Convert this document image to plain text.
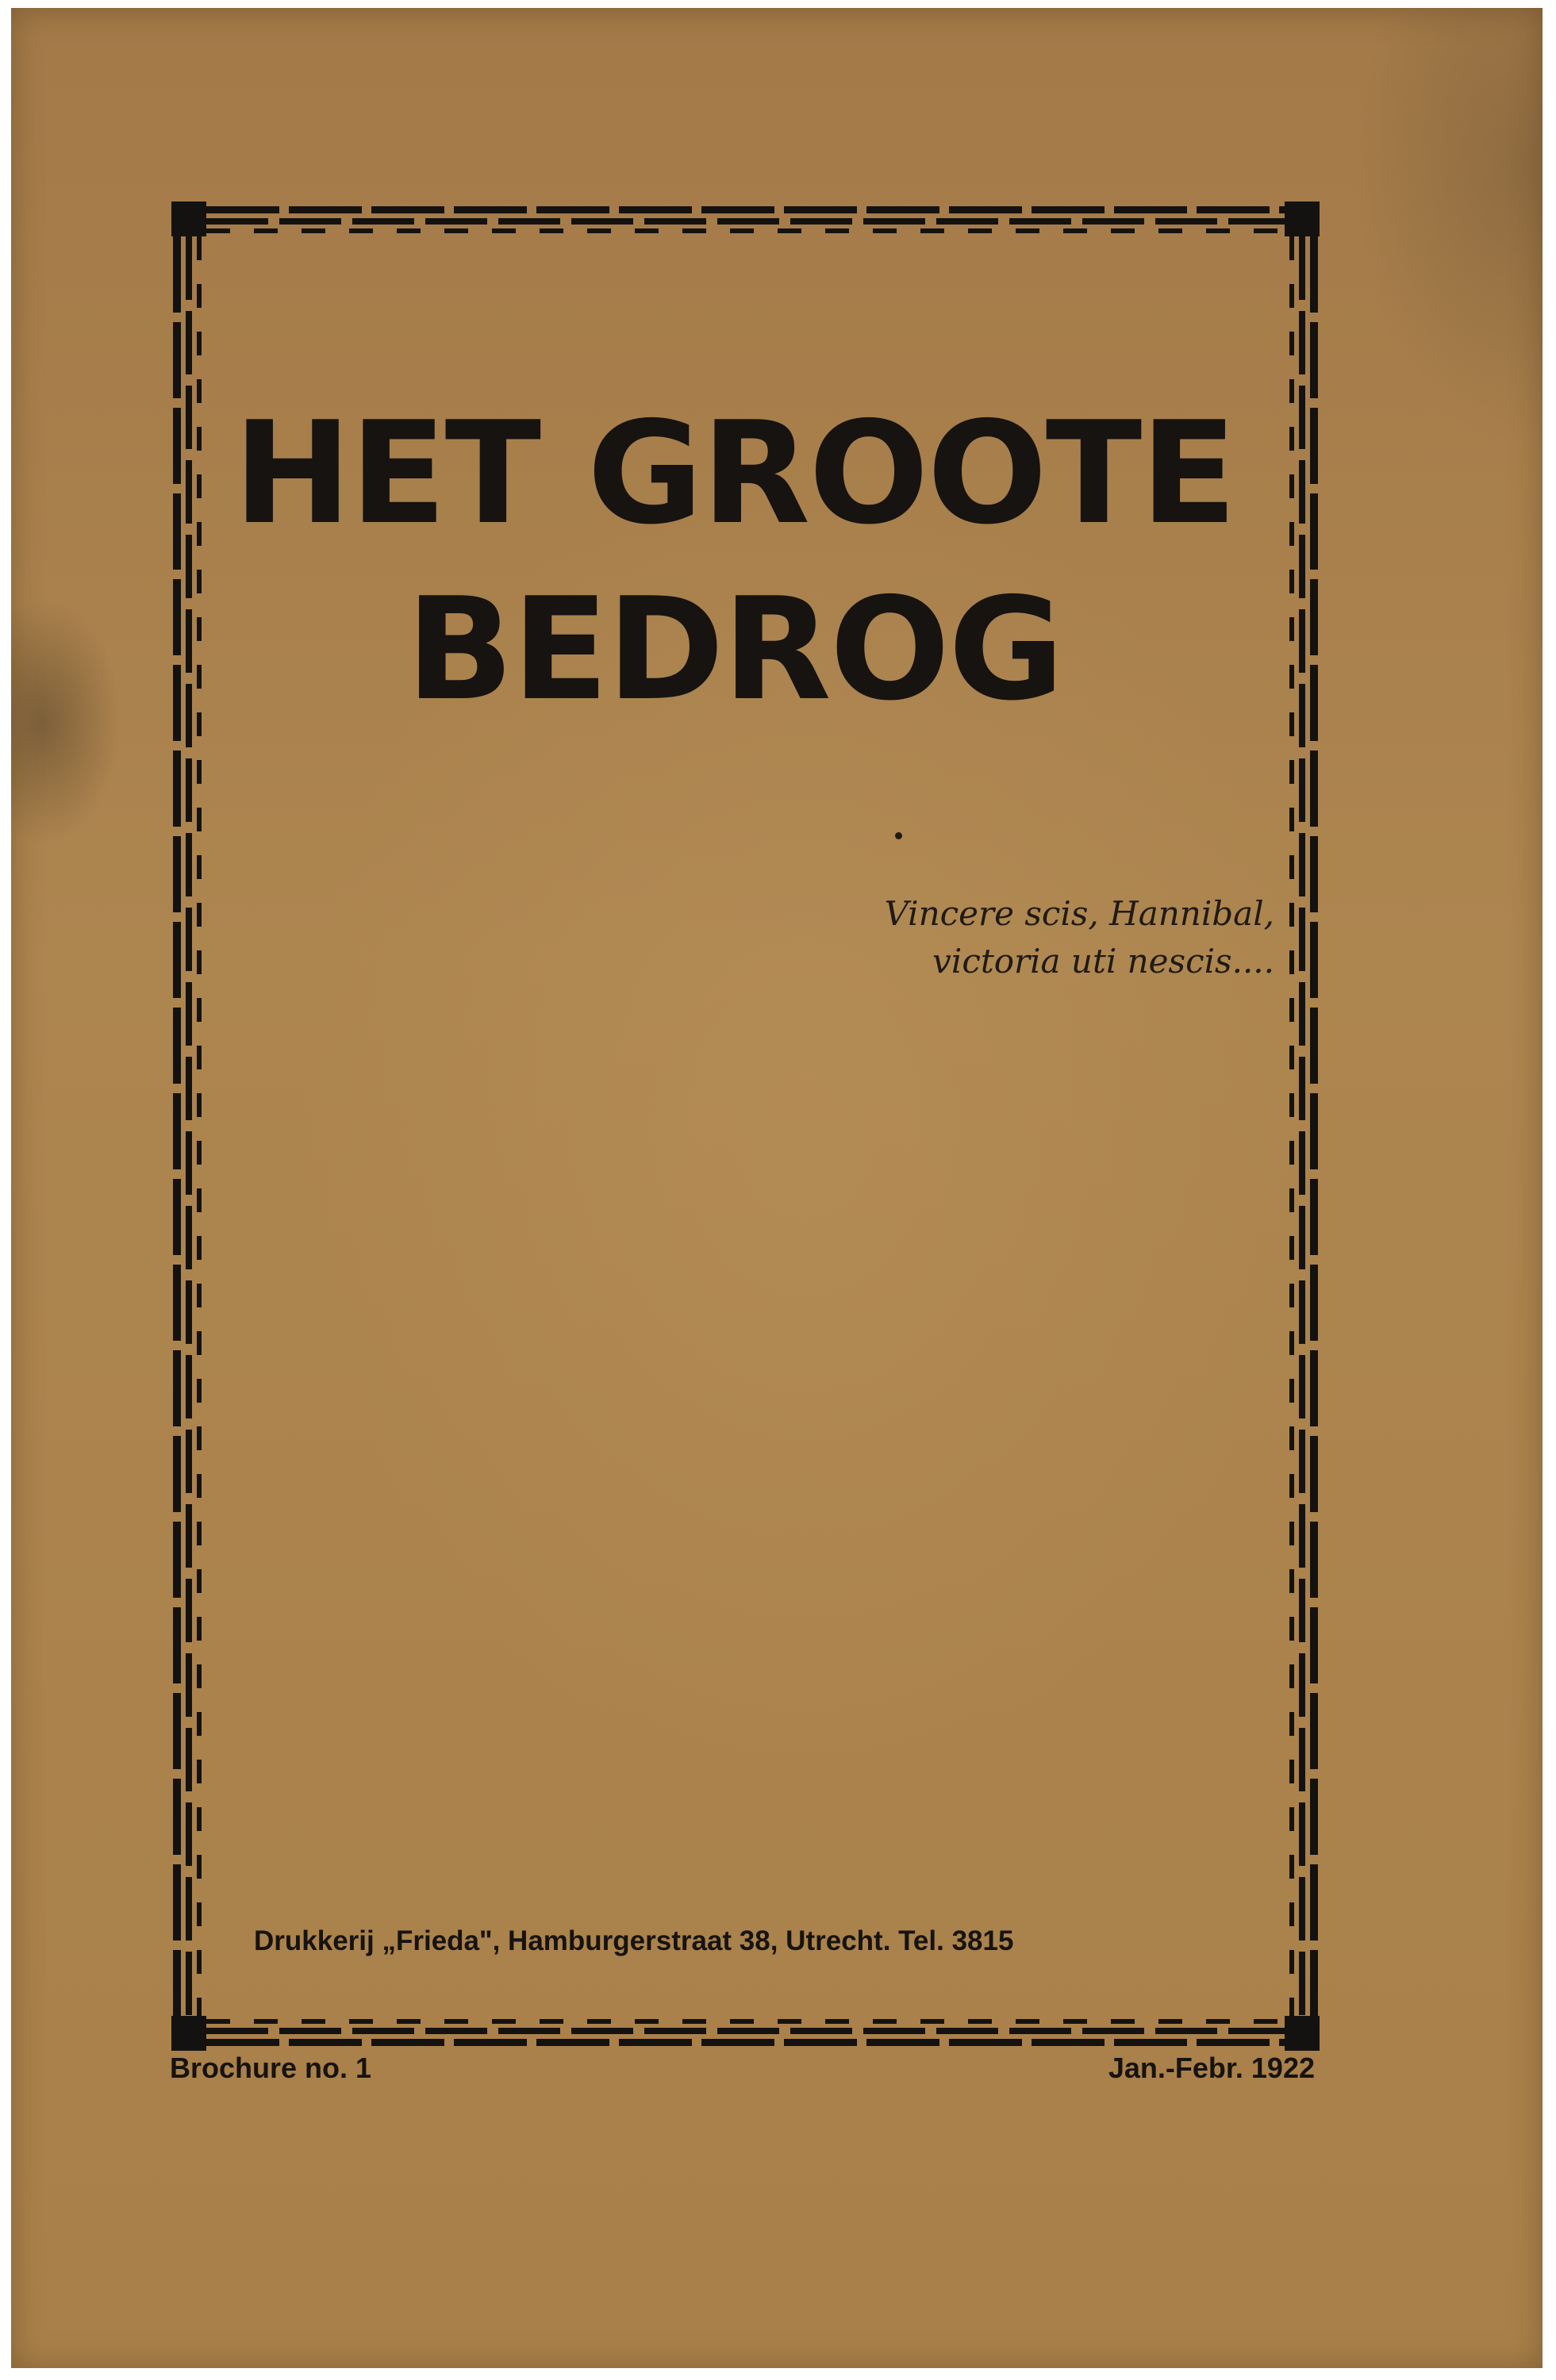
HET GROOTE
BEDROG
Vincere scis, Hannibal,
victoria uti nescis....
Drukkerij „Frieda", Hamburgerstraat 38, Utrecht. Tel. 3815
Brochure no. 1	Jan.-Febr. 1922
